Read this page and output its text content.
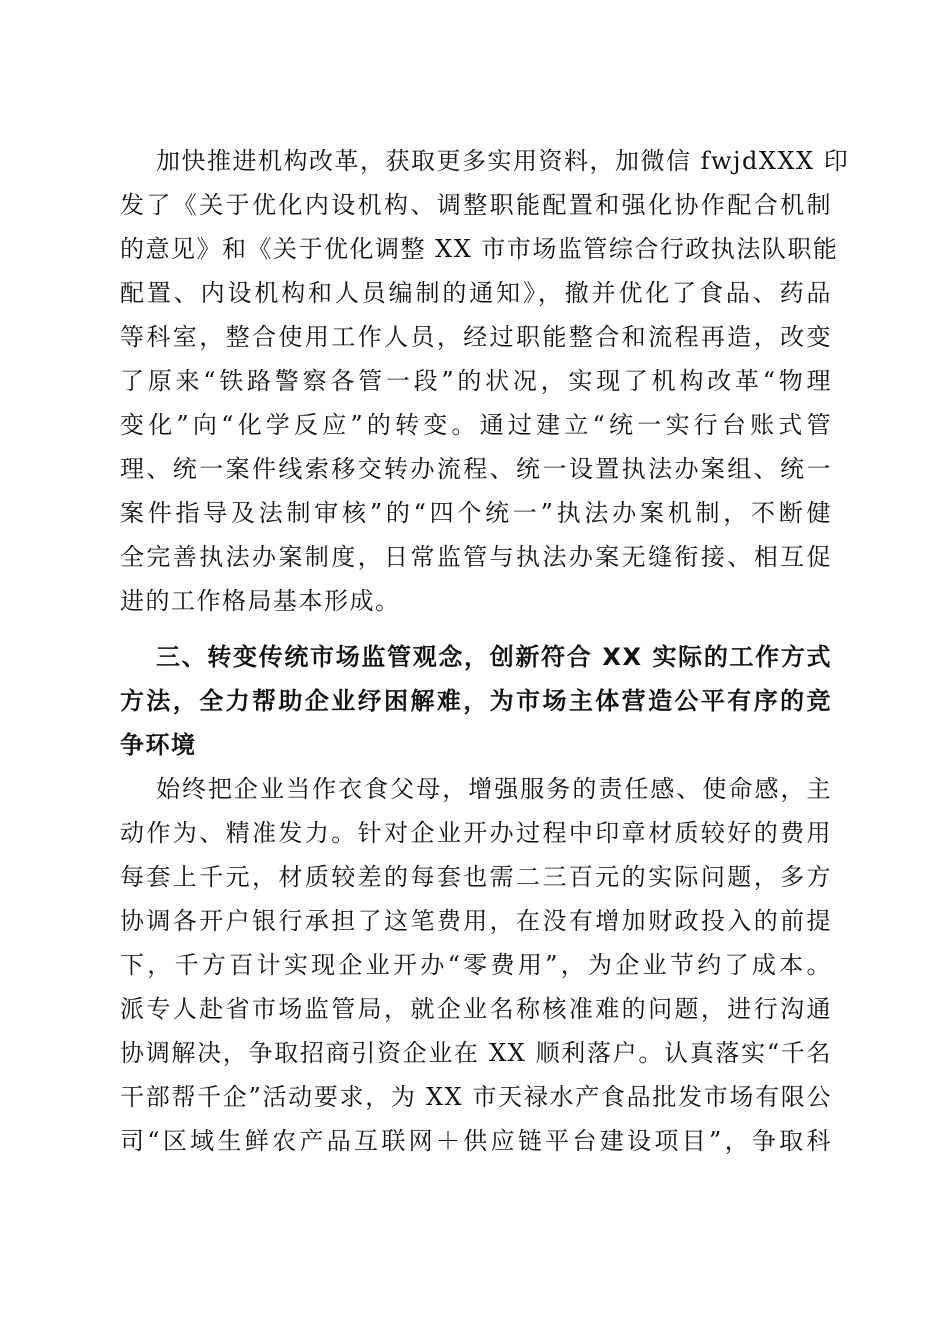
加快推进机构改革，获取更多实用资料，加微信 fwjdXXX 印
发了《关于优化内设机构、调整职能配置和强化协作配合机制
的意见》和《关于优化调整 XX 市市场监管综合行政执法队职能
配置、内设机构和人员编制的通知》，撤并优化了食品、药品
等科室，整合使用工作人员，经过职能整合和流程再造，改变
了原来“铁路警察各管一段”的状况，实现了机构改革“物理
变化”向“化学反应”的转变。通过建立“统一实行台账式管
理、统一案件线索移交转办流程、统一设置执法办案组、统一
案件指导及法制审核”的“四个统一”执法办案机制，不断健
全完善执法办案制度，日常监管与执法办案无缝衔接、相互促
进的工作格局基本形成。
三、转变传统市场监管观念，创新符合 XX 实际的工作方式
方法，全力帮助企业纾困解难，为市场主体营造公平有序的竞
争环境
始终把企业当作衣食父母，增强服务的责任感、使命感，主
动作为、精准发力。针对企业开办过程中印章材质较好的费用
每套上千元，材质较差的每套也需二三百元的实际问题，多方
协调各开户银行承担了这笔费用，在没有增加财政投入的前提
下，千方百计实现企业开办“零费用”，为企业节约了成本。
派专人赴省市场监管局，就企业名称核准难的问题，进行沟通
协调解决，争取招商引资企业在 XX 顺利落户。认真落实“千名
干部帮千企”活动要求，为 XX 市天禄水产食品批发市场有限公
司“区域生鲜农产品互联网＋供应链平台建设项目”，争取科
